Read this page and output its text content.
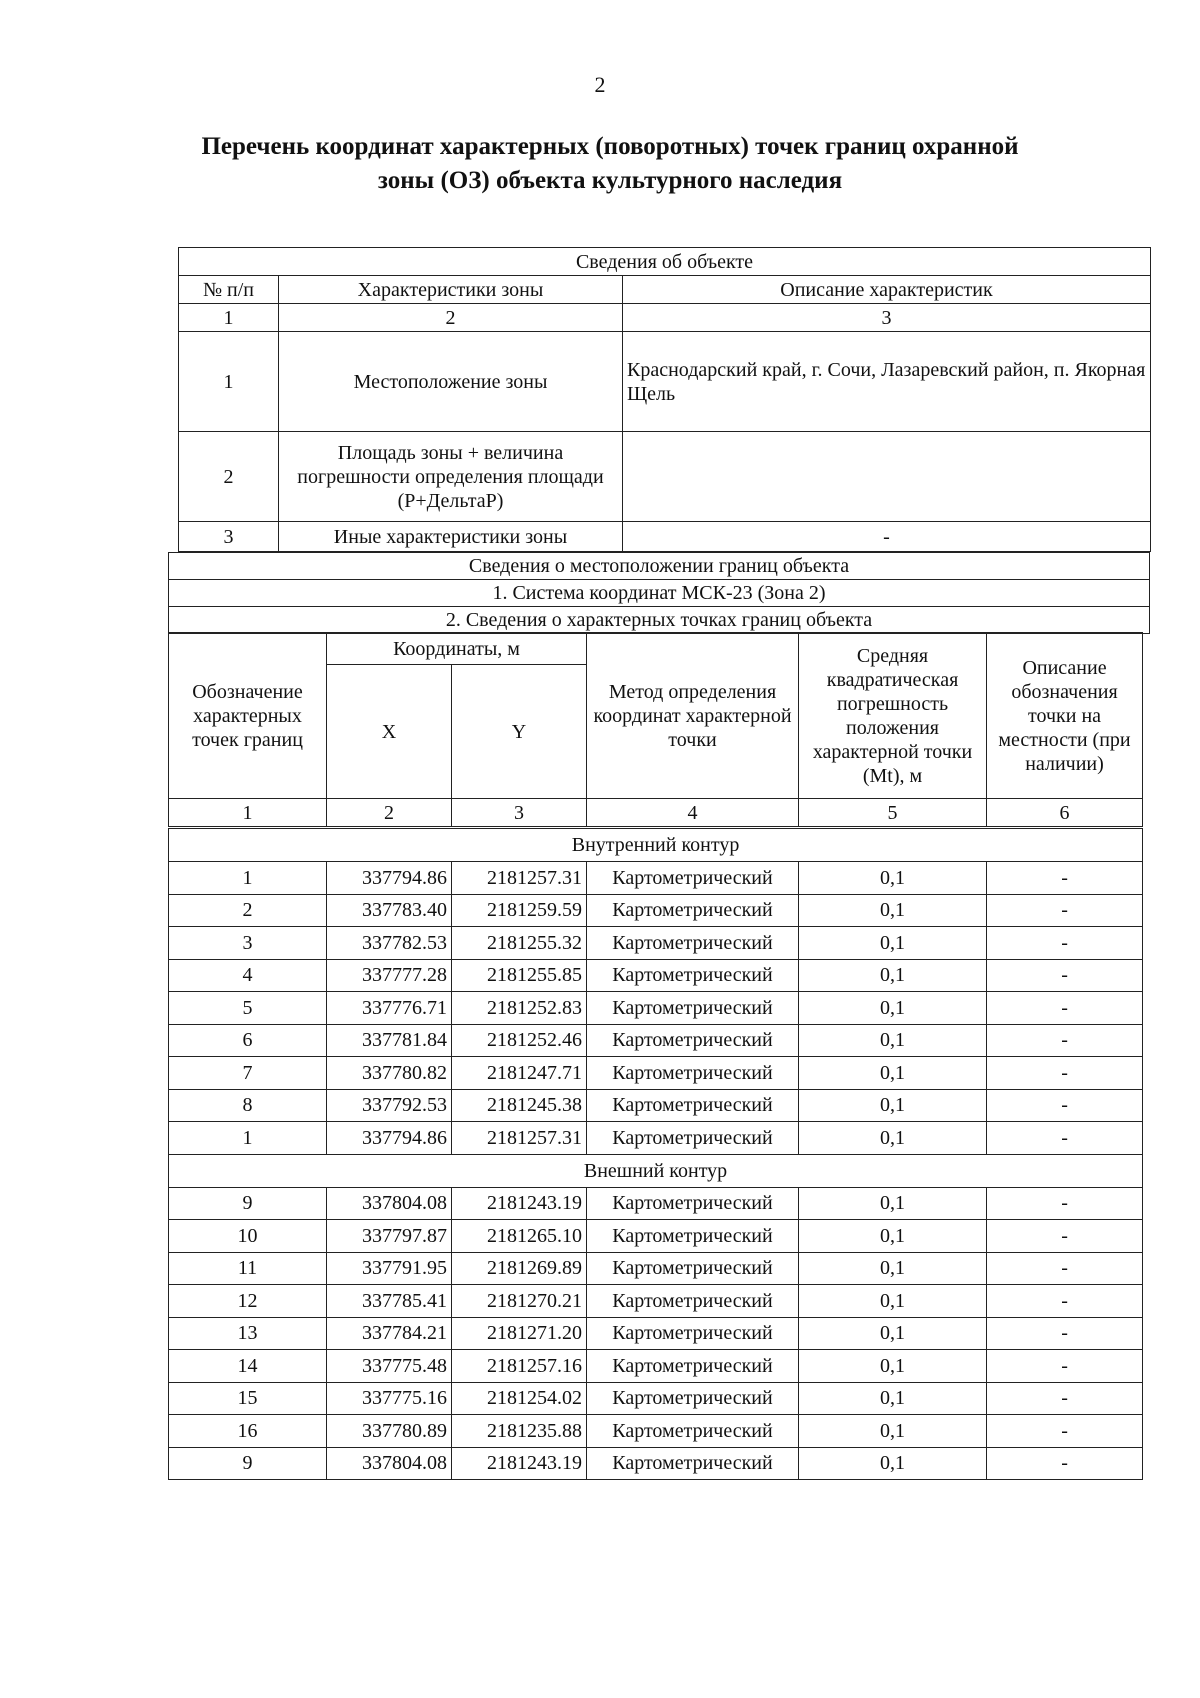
2
Перечень координат характерных (поворотных) точек границ охранной
зоны (ОЗ) объекта культурного наследия
Сведения об объекте		
№ п/п	Характеристики зоны	Описание характеристик
1	2	3
1	Местоположение зоны	Краснодарский край, г. Сочи, Лазаревский район, п. Якорная Щель
2	Площадь зоны + величина погрешности определения площади (P+ДельтаР)	
3	Иные характеристики зоны	-
Сведения о местоположении границ объекта
1. Система координат МСК-23 (Зона 2)
2. Сведения о характерных точках границ объекта
Обозначение характерных точек границ	Координаты, м		Метод определения координат характерной точки	Средняя квадратическая погрешность положения характерной точки (Mt), м	Описание обозначения точки на местности (при наличии)
	X	Y			
1	2	3	4	5	6
Внутренний контур					
1	337794.86	2181257.31	Картометрический	0,1	-
2	337783.40	2181259.59	Картометрический	0,1	-
3	337782.53	2181255.32	Картометрический	0,1	-
4	337777.28	2181255.85	Картометрический	0,1	-
5	337776.71	2181252.83	Картометрический	0,1	-
6	337781.84	2181252.46	Картометрический	0,1	-
7	337780.82	2181247.71	Картометрический	0,1	-
8	337792.53	2181245.38	Картометрический	0,1	-
1	337794.86	2181257.31	Картометрический	0,1	-
Внешний контур					
9	337804.08	2181243.19	Картометрический	0,1	-
10	337797.87	2181265.10	Картометрический	0,1	-
11	337791.95	2181269.89	Картометрический	0,1	-
12	337785.41	2181270.21	Картометрический	0,1	-
13	337784.21	2181271.20	Картометрический	0,1	-
14	337775.48	2181257.16	Картометрический	0,1	-
15	337775.16	2181254.02	Картометрический	0,1	-
16	337780.89	2181235.88	Картометрический	0,1	-
9	337804.08	2181243.19	Картометрический	0,1	-
